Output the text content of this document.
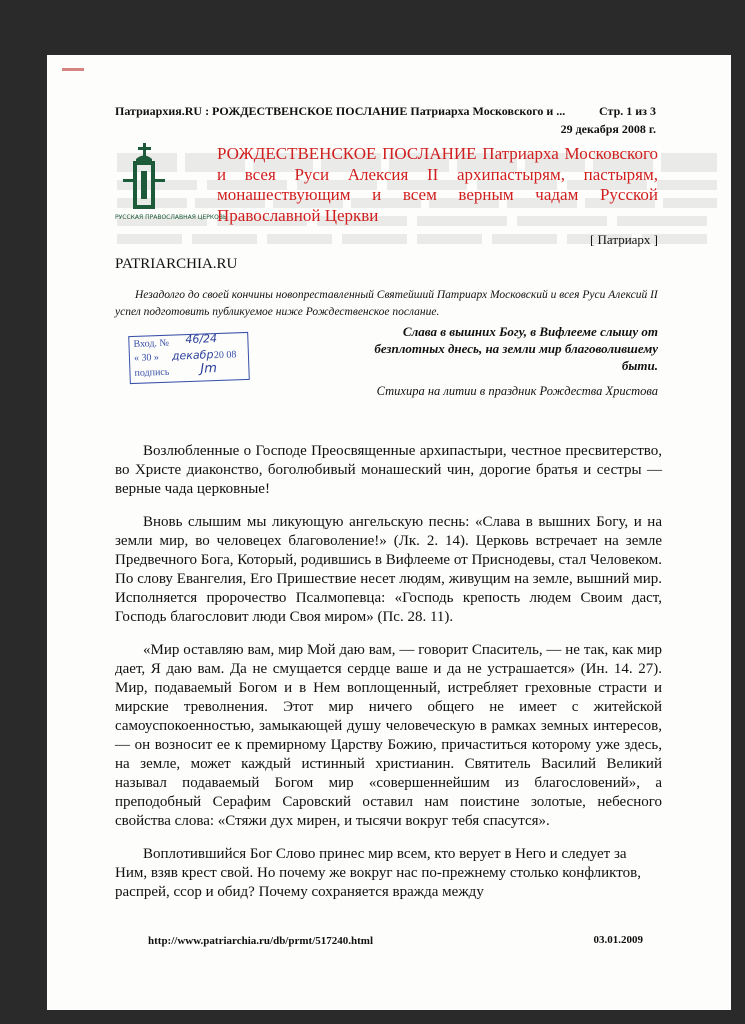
Патриархия.RU : РОЖДЕСТВЕНСКОЕ ПОСЛАНИЕ Патриарха Московского и ...	Стр. 1 из 3
29 декабря 2008 г.
РУССКАЯ ПРАВОСЛАВНАЯ ЦЕРКОВЬ
РОЖДЕСТВЕНСКОЕ ПОСЛАНИЕ Патриарха Московского и всея Руси Алексия II архипастырям, пастырям, монашествующим и всем верным чадам Русской Православной Церкви
[ Патриарх ]
PATRIARCHIA.RU
Незадолго до своей кончины новопреставленный Святейший Патриарх Московский и всея Руси Алексий II успел подготовить публикуемое ниже Рождественское послание.
Вход. № 46/24
« 30 » декабр 20 08
подпись Jm
Слава в вышних Богу, в Вифлееме слышу от безплотных днесь, на земли мир благоволившему быти.
Стихира на литии в праздник Рождества Христова

Возлюбленные о Господе Преосвященные архипастыри, честное пресвитерство, во Христе диаконство, боголюбивый монашеский чин, дорогие братья и сестры — верные чада церковные!

Вновь слышим мы ликующую ангельскую песнь: «Слава в вышних Богу, и на земли мир, во человецех благоволение!» (Лк. 2. 14). Церковь встречает на земле Предвечного Бога, Который, родившись в Вифлееме от Приснодевы, стал Человеком. По слову Евангелия, Его Пришествие несет людям, живущим на земле, вышний мир. Исполняется пророчество Псалмопевца: «Господь крепость людем Своим даст, Господь благословит люди Своя миром» (Пс. 28. 11).

«Мир оставляю вам, мир Мой даю вам, — говорит Спаситель, — не так, как мир дает, Я даю вам. Да не смущается сердце ваше и да не устрашается» (Ин. 14. 27). Мир, подаваемый Богом и в Нем воплощенный, истребляет греховные страсти и мирские треволнения. Этот мир ничего общего не имеет с житейской самоуспокоенностью, замыкающей душу человеческую в рамках земных интересов, — он возносит ее к премирному Царству Божию, причаститься которому уже здесь, на земле, может каждый истинный христианин. Святитель Василий Великий называл подаваемый Богом мир «совершеннейшим из благословений», а преподобный Серафим Саровский оставил нам поистине золотые, небесного свойства слова: «Стяжи дух мирен, и тысячи вокруг тебя спасутся».

Воплотившийся Бог Слово принес мир всем, кто верует в Него и следует за Ним, взяв крест свой. Но почему же вокруг нас по-прежнему столько конфликтов, распрей, ссор и обид? Почему сохраняется вражда между

http://www.patriarchia.ru/db/prmt/517240.html	03.01.2009
